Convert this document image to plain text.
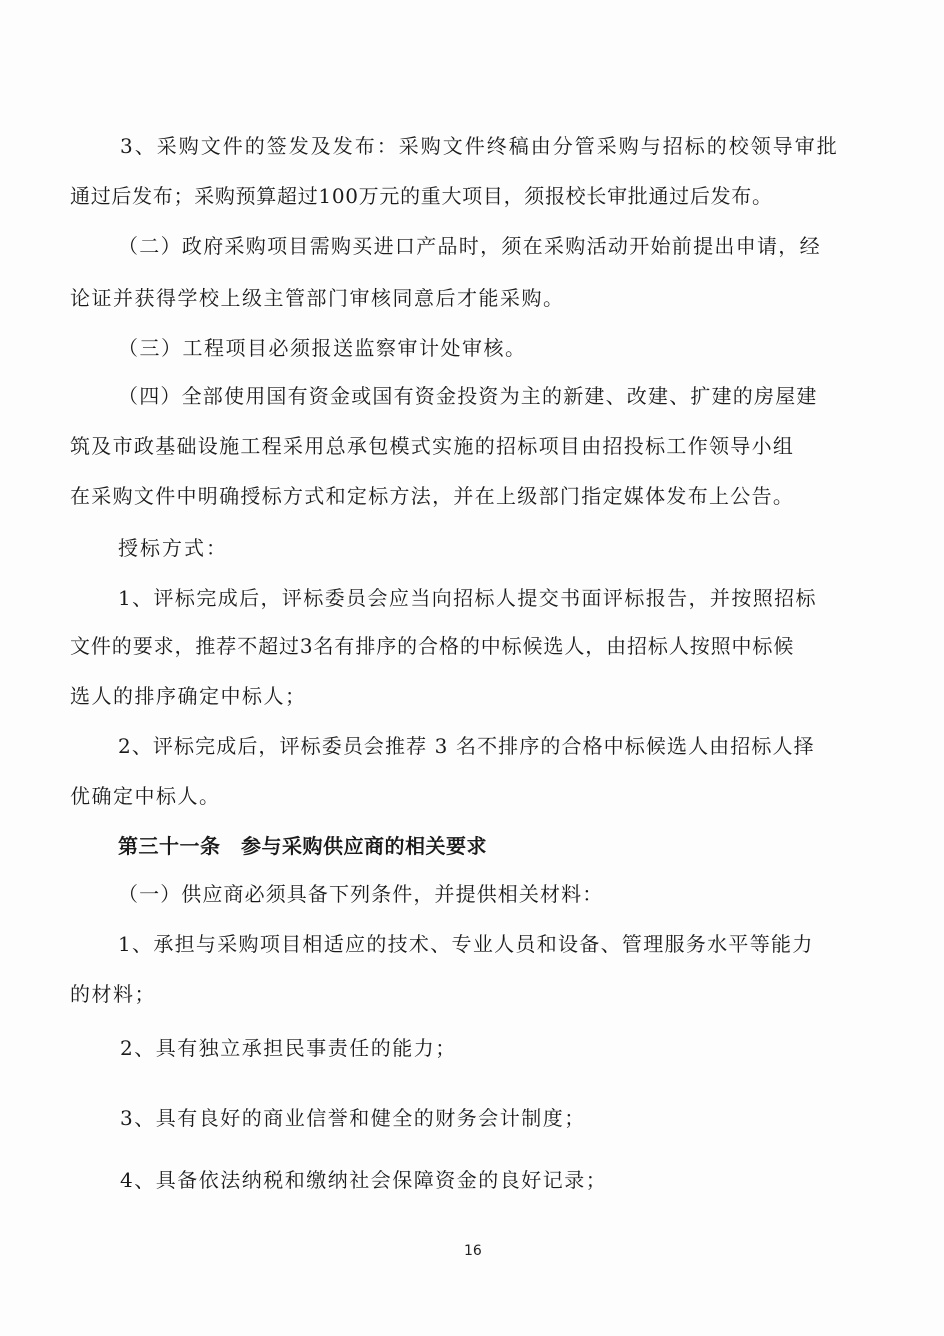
3、采购文件的签发及发布：采购文件终稿由分管采购与招标的校领导审批
通过后发布；采购预算超过100万元的重大项目，须报校长审批通过后发布。
（二）政府采购项目需购买进口产品时，须在采购活动开始前提出申请，经
论证并获得学校上级主管部门审核同意后才能采购。
（三）工程项目必须报送监察审计处审核。
（四）全部使用国有资金或国有资金投资为主的新建、改建、扩建的房屋建
筑及市政基础设施工程采用总承包模式实施的招标项目由招投标工作领导小组
在采购文件中明确授标方式和定标方法，并在上级部门指定媒体发布上公告。
授标方式：
1、评标完成后，评标委员会应当向招标人提交书面评标报告，并按照招标
文件的要求，推荐不超过3名有排序的合格的中标候选人，由招标人按照中标候
选人的排序确定中标人；
2、评标完成后，评标委员会推荐 3 名不排序的合格中标候选人由招标人择
优确定中标人。
第三十一条　参与采购供应商的相关要求
（一）供应商必须具备下列条件，并提供相关材料：
1、承担与采购项目相适应的技术、专业人员和设备、管理服务水平等能力
的材料；
2、具有独立承担民事责任的能力；
3、具有良好的商业信誉和健全的财务会计制度；
4、具备依法纳税和缴纳社会保障资金的良好记录；
16
